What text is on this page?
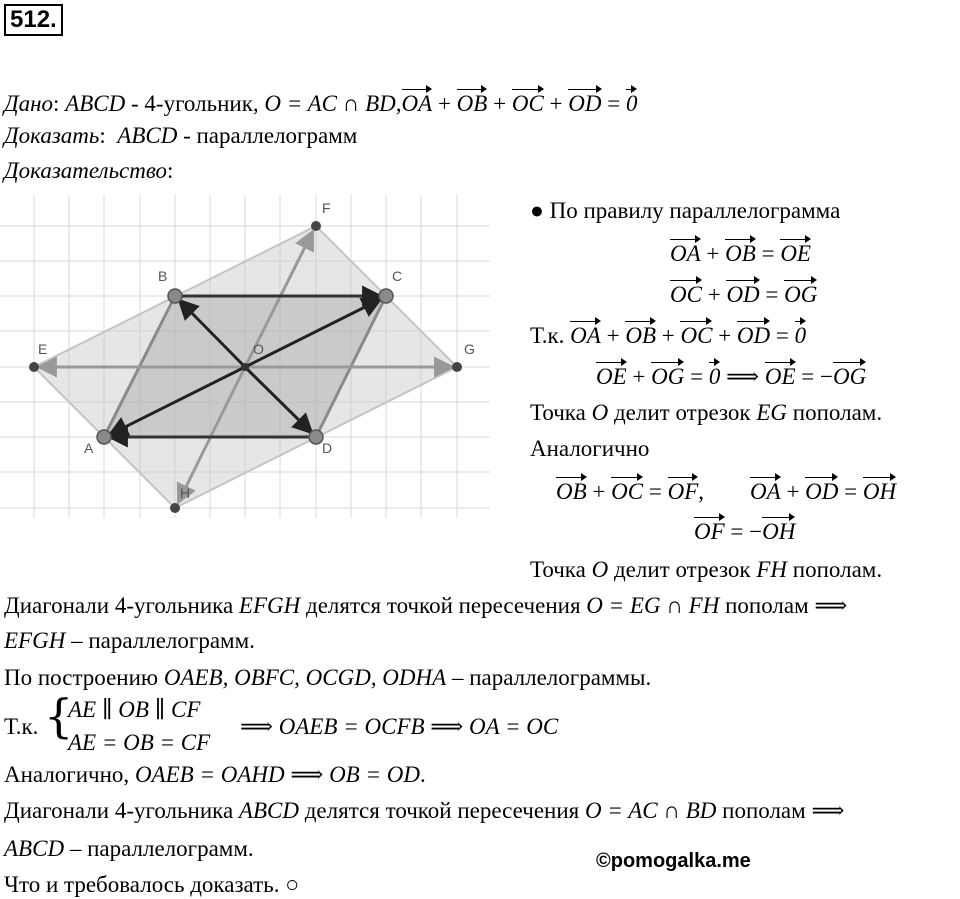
512.
Дано: ABCD - 4-угольник, O = AC ∩ BD,OA + OB + OC + OD = 0
Доказать:  ABCD - параллелограмм
Доказательство:
A
B	C
D
O
E
F
G
H
● По правилу параллелограмма
OA + OB = OE
OC + OD = OG
Т.к. OA + OB + OC + OD = 0
OE + OG = 0 ⟹ OE = −OG
Точка O делит отрезок EG пополам.
Аналогично
OB + OC = OF,        OA + OD = OH
OF = −OH
Точка O делит отрезок FH пополам.
Диагонали 4-угольника EFGH делятся точкой пересечения O = EG ∩ FH пополам ⟹
EFGH – параллелограмм.
По построению OAEB, OBFC, OCGD, ODHA – параллелограммы.
Т.к. {
AE ∥ OB ∥ CF
AE = OB = CF
⟹ OAEB = OCFB ⟹ OA = OC
Аналогично, OAEB = OAHD ⟹ OB = OD.
Диагонали 4-угольника ABCD делятся точкой пересечения O = AC ∩ BD пополам ⟹
ABCD – параллелограмм.
Что и требовалось доказать. ○
©pomogalka.me
